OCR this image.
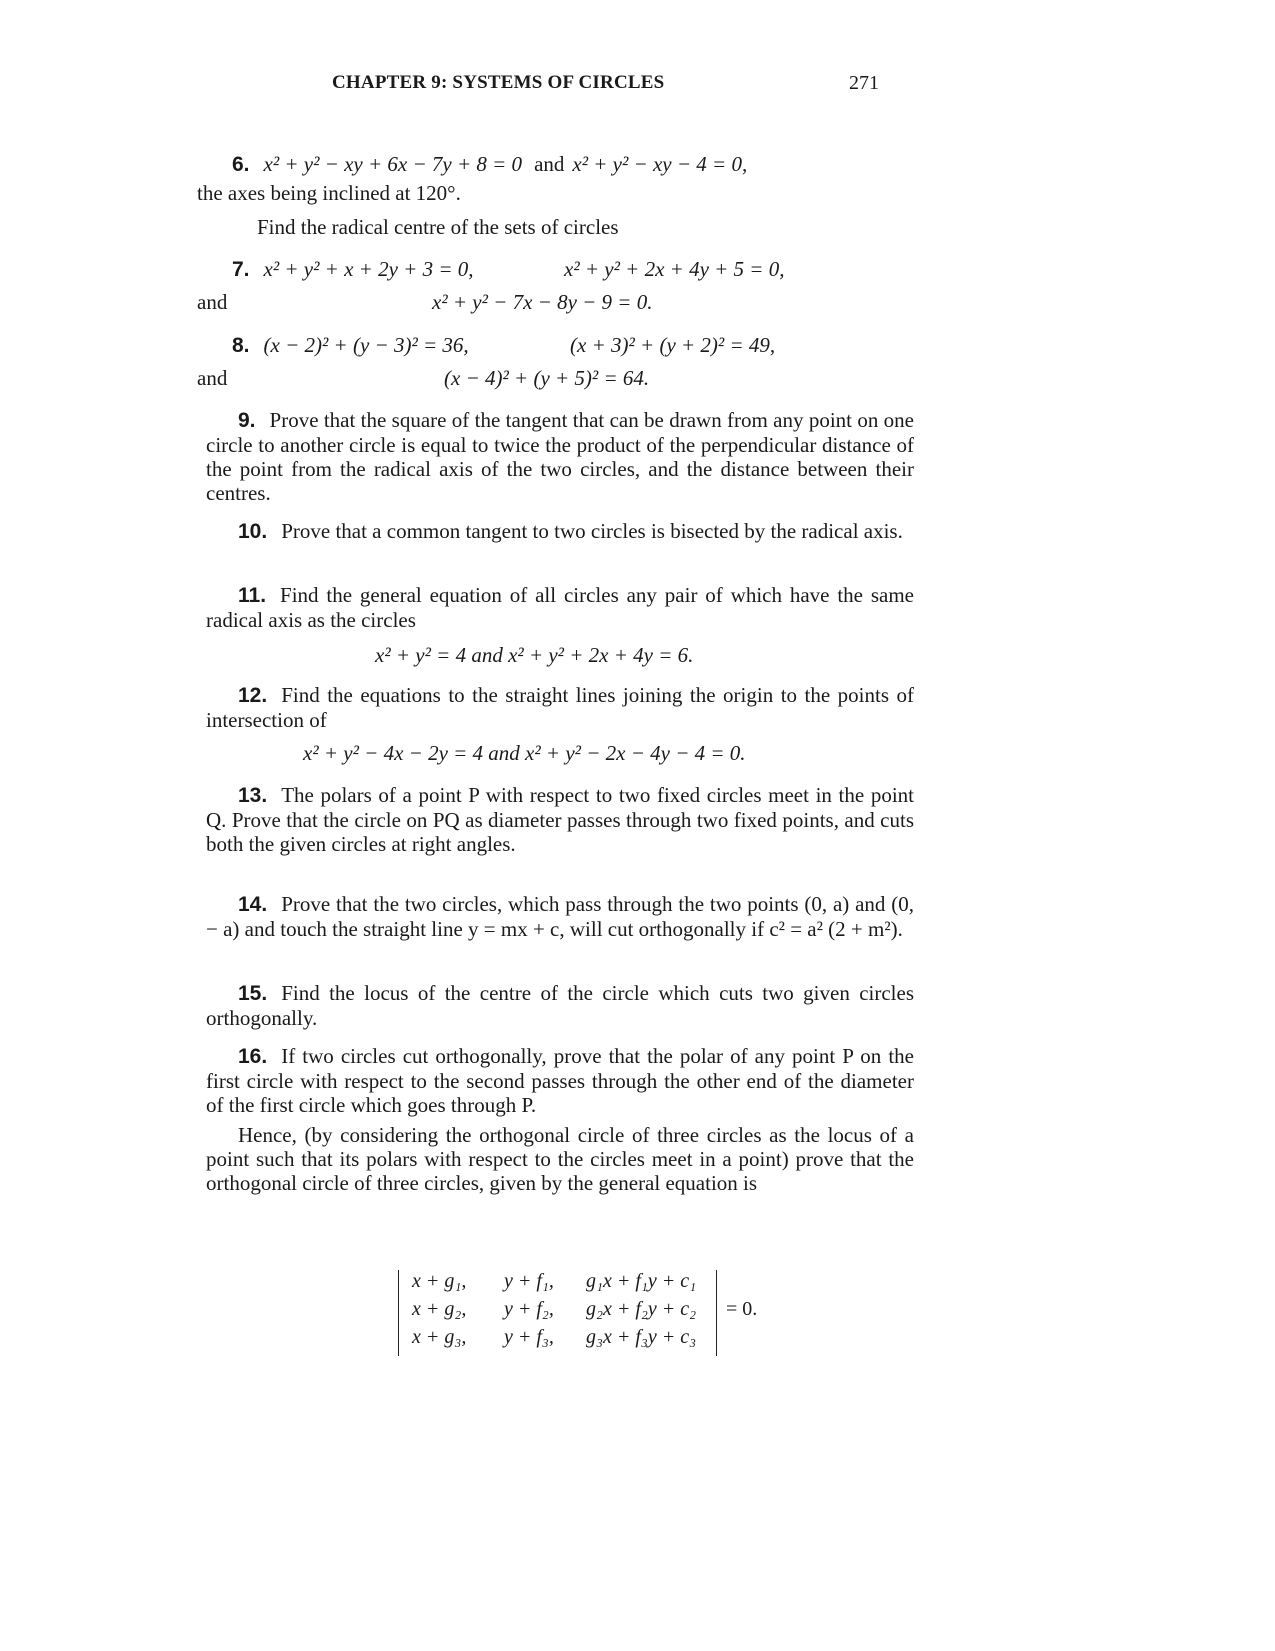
CHAPTER 9: SYSTEMS OF CIRCLES	271
6. x² + y² − xy + 6x − 7y + 8 = 0 and x² + y² − xy − 4 = 0,
the axes being inclined at 120°.
Find the radical centre of the sets of circles
7. x² + y² + x + 2y + 3 = 0,	x² + y² + 2x + 4y + 5 = 0,
and	x² + y² − 7x − 8y − 9 = 0.
8. (x − 2)² + (y − 3)² = 36,	(x + 3)² + (y + 2)² = 49,
and	(x − 4)² + (y + 5)² = 64.
9. Prove that the square of the tangent that can be drawn from any point on one circle to another circle is equal to twice the product of the perpendicular distance of the point from the radical axis of the two circles, and the distance between their centres.
10. Prove that a common tangent to two circles is bisected by the radical axis.
11. Find the general equation of all circles any pair of which have the same radical axis as the circles
x² + y² = 4 and x² + y² + 2x + 4y = 6.
12. Find the equations to the straight lines joining the origin to the points of intersection of
x² + y² − 4x − 2y = 4 and x² + y² − 2x − 4y − 4 = 0.
13. The polars of a point P with respect to two fixed circles meet in the point Q. Prove that the circle on PQ as diameter passes through two fixed points, and cuts both the given circles at right angles.
14. Prove that the two circles, which pass through the two points (0, a) and (0, − a) and touch the straight line y = mx + c, will cut orthogonally if c² = a² (2 + m²).
15. Find the locus of the centre of the circle which cuts two given circles orthogonally.
16. If two circles cut orthogonally, prove that the polar of any point P on the first circle with respect to the second passes through the other end of the diameter of the first circle which goes through P.
Hence, (by considering the orthogonal circle of three circles as the locus of a point such that its polars with respect to the circles meet in a point) prove that the orthogonal circle of three circles, given by the general equation is
x + g₁, y + f₁, g₁x + f₁y + c₁
x + g₂, y + f₂, g₂x + f₂y + c₂
x + g₃, y + f₃, g₃x + f₃y + c₃
= 0.
